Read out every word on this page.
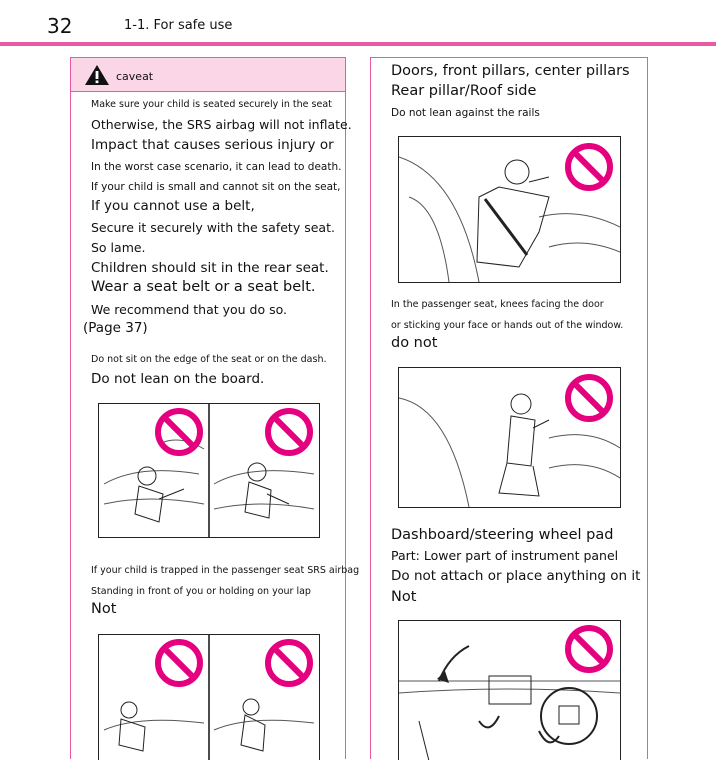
32	1-1. For safe use
caveat
Make sure your child is seated securely in the seat
Otherwise, the SRS airbag will not inflate.
Impact that causes serious injury or
In the worst case scenario, it can lead to death.
If your child is small and cannot sit on the seat,
If you cannot use a belt,
Secure it securely with the safety seat.
So lame.
Children should sit in the rear seat.
Wear a seat belt or a seat belt.
We recommend that you do so.
(Page 37)
Do not sit on the edge of the seat or on the dash.
Do not lean on the board.
If your child is trapped in the passenger seat SRS airbag
Standing in front of you or holding on your lap
Not
Doors, front pillars, center pillars
Rear pillar/Roof side
Do not lean against the rails
In the passenger seat, knees facing the door
or sticking your face or hands out of the window.
do not
Dashboard/steering wheel pad
Part: Lower part of instrument panel
Do not attach or place anything on it
Not
